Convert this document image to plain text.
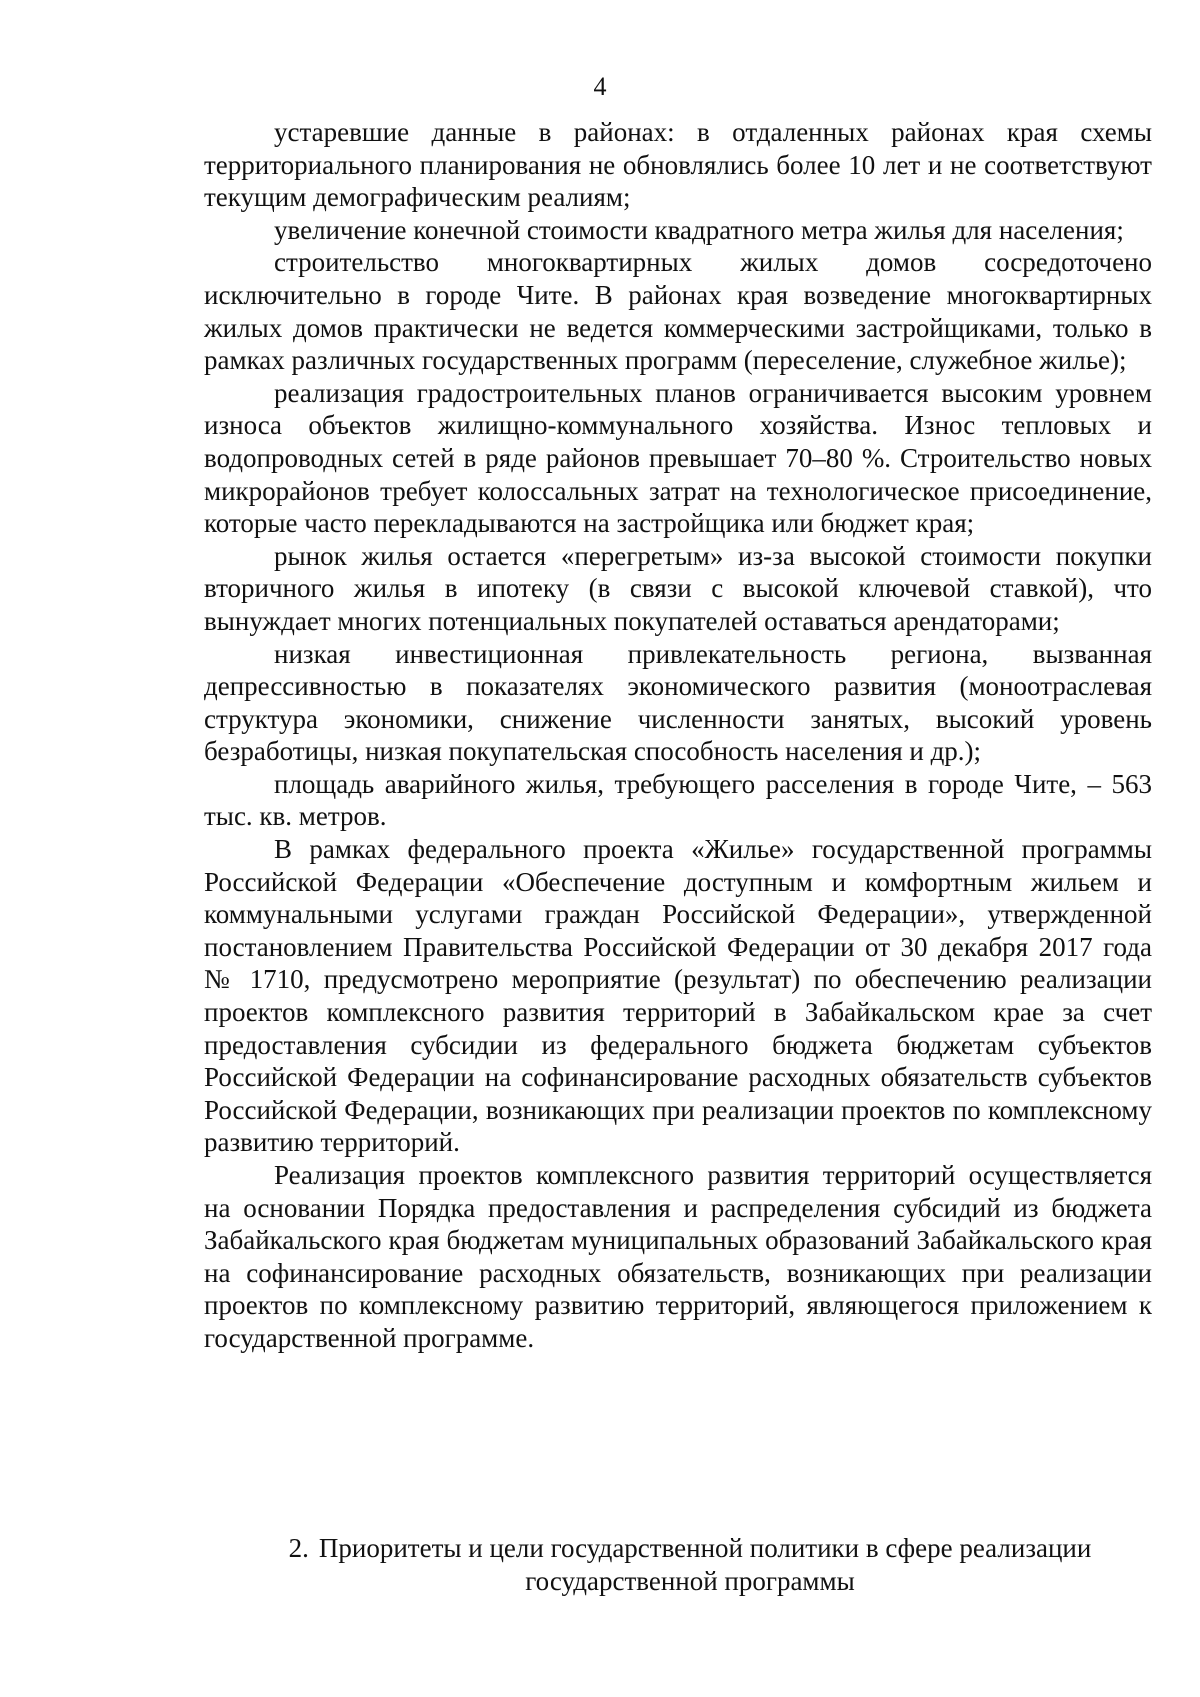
4

устаревшие данные в районах: в отдаленных районах края схемы территориального планирования не обновлялись более 10 лет и не соответствуют текущим демографическим реалиям;

увеличение конечной стоимости квадратного метра жилья для населения;

строительство многоквартирных жилых домов сосредоточено исключительно в городе Чите. В районах края возведение многоквартирных жилых домов практически не ведется коммерческими застройщиками, только в рамках различных государственных программ (переселение, служебное жилье);

реализация градостроительных планов ограничивается высоким уровнем износа объектов жилищно-коммунального хозяйства. Износ тепловых и водопроводных сетей в ряде районов превышает 70–80 %. Строительство новых микрорайонов требует колоссальных затрат на технологическое присоединение, которые часто перекладываются на застройщика или бюджет края;

рынок жилья остается «перегретым» из-за высокой стоимости покупки вторичного жилья в ипотеку (в связи с высокой ключевой ставкой), что вынуждает многих потенциальных покупателей оставаться арендаторами;

низкая инвестиционная привлекательность региона, вызванная депрессивностью в показателях экономического развития (моноотраслевая структура экономики, снижение численности занятых, высокий уровень безработицы, низкая покупательская способность населения и др.);

площадь аварийного жилья, требующего расселения в городе Чите, – 563 тыс. кв. метров.

В рамках федерального проекта «Жилье» государственной программы Российской Федерации «Обеспечение доступным и комфортным жильем и коммунальными услугами граждан Российской Федерации», утвержденной постановлением Правительства Российской Федерации от 30 декабря 2017 года № 1710, предусмотрено мероприятие (результат) по обеспечению реализации проектов комплексного развития территорий в Забайкальском крае за счет предоставления субсидии из федерального бюджета бюджетам субъектов Российской Федерации на софинансирование расходных обязательств субъектов Российской Федерации, возникающих при реализации проектов по комплексному развитию территорий.

Реализация проектов комплексного развития территорий осуществляется на основании Порядка предоставления и распределения субсидий из бюджета Забайкальского края бюджетам муниципальных образований Забайкальского края на софинансирование расходных обязательств, возникающих при реализации проектов по комплексному развитию территорий, являющегося приложением к государственной программе.

2. Приоритеты и цели государственной политики в сфере реализации
государственной программы
